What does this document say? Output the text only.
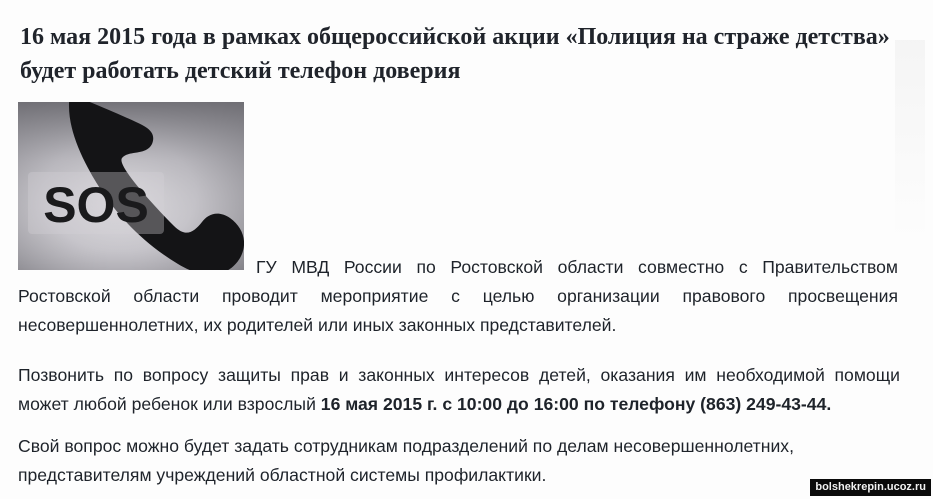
16 мая 2015 года в рамках общероссийской акции «Полиция на страже детства» будет работать детский телефон доверия
SOS

ГУ МВД России по Ростовской области совместно с Правительством Ростовской области проводит мероприятие с целью организации правового просвещения несовершеннолетних, их родителей или иных законных представителей.

Позвонить по вопросу защиты прав и законных интересов детей, оказания им необходимой помощи
может любой ребенок или взрослый 16 мая 2015 г. с 10:00 до 16:00 по телефону (863) 249-43-44.

Свой вопрос можно будет задать сотрудникам подразделений по делам несовершеннолетних,
представителям учреждений областной системы профилактики.

bolshekrepin.ucoz.ru
